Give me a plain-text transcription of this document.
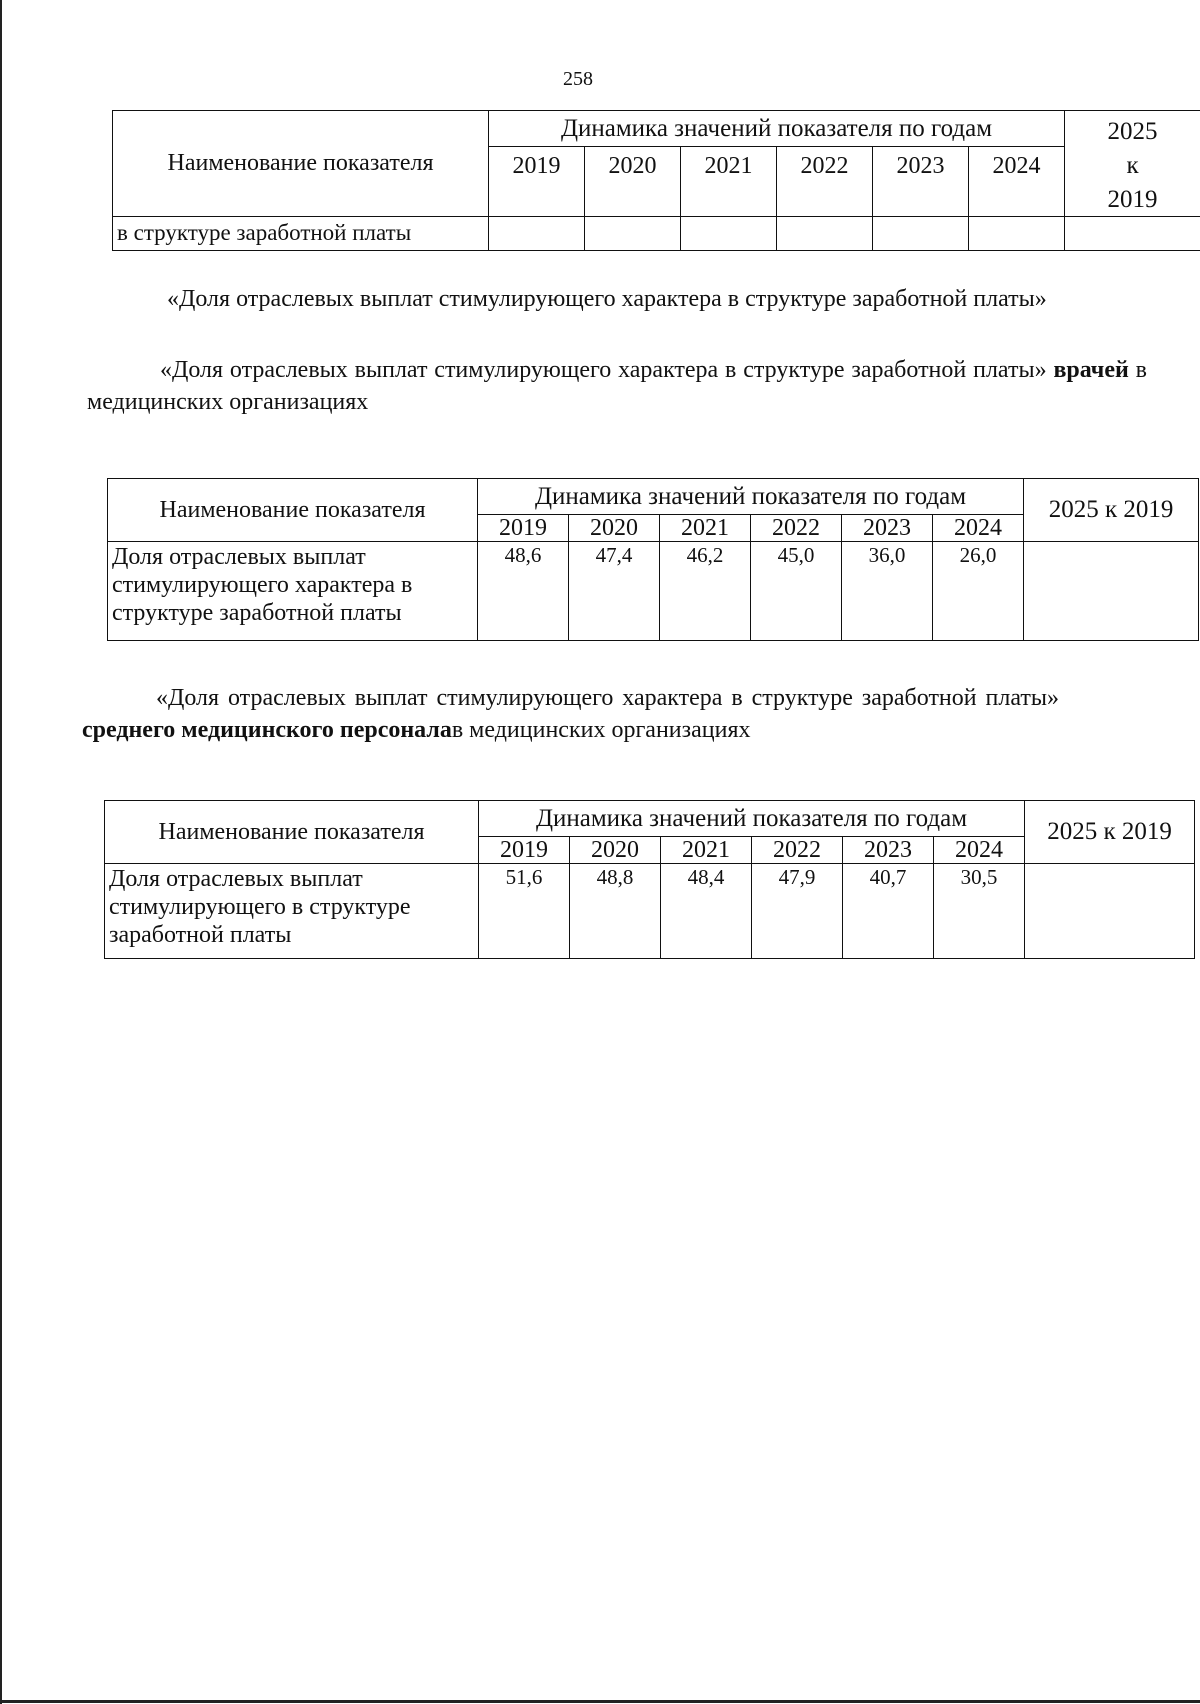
258
Наименование показателя	Динамика значений показателя по годам						2025
к
2019
	2019	2020	2021	2022	2023	2024	
в структуре заработной платы							
«Доля отраслевых выплат стимулирующего характера в структуре заработной платы»
«Доля отраслевых выплат стимулирующего характера в структуре заработной платы» врачей в медицинских организациях
Наименование показателя	Динамика значений показателя по годам						2025 к 2019
	2019	2020	2021	2022	2023	2024	
Доля отраслевых выплат стимулирующего характера в структуре заработной платы	48,6	47,4	46,2	45,0	36,0	26,0	
«Доля отраслевых выплат стимулирующего характера в структуре заработной платы» среднего медицинского персоналав медицинских организациях
Наименование показателя	Динамика значений показателя по годам						2025 к 2019
	2019	2020	2021	2022	2023	2024	
Доля отраслевых выплат стимулирующего в структуре заработной платы	51,6	48,8	48,4	47,9	40,7	30,5	
